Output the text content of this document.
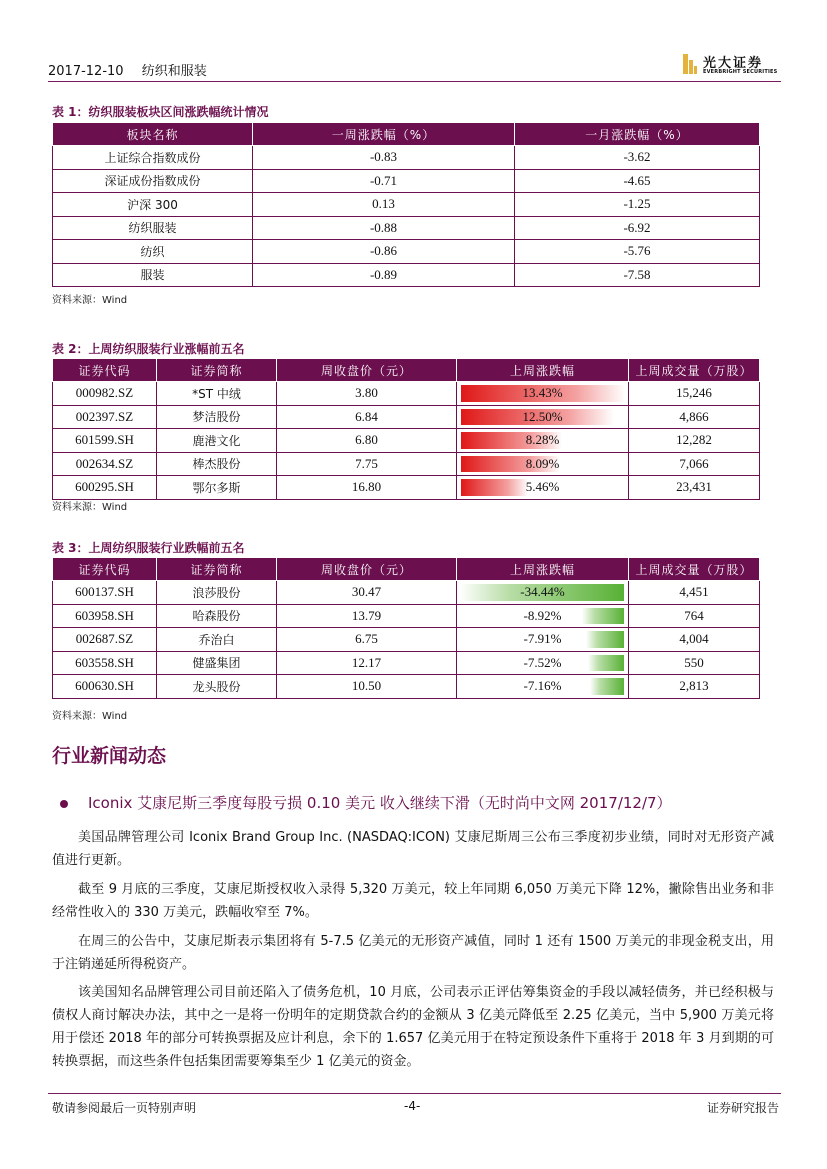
2017-12-10 纺织和服装
光大证券
EVERBRIGHT SECURITIES
表 1：纺织服装板块区间涨跌幅统计情况
板块名称	一周涨跌幅（%）	一月涨跌幅（%）
上证综合指数成份	-0.83	-3.62
深证成份指数成份	-0.71	-4.65
沪深 300	0.13	-1.25
纺织服装	-0.88	-6.92
纺织	-0.86	-5.76
服装	-0.89	-7.58
资料来源：Wind
表 2：上周纺织服装行业涨幅前五名
证券代码	证券简称	周收盘价（元）	上周涨跌幅	上周成交量（万股）
000982.SZ	*ST 中绒	3.80	13.43%	15,246
002397.SZ	梦洁股份	6.84	12.50%	4,866
601599.SH	鹿港文化	6.80	8.28%	12,282
002634.SZ	棒杰股份	7.75	8.09%	7,066
600295.SH	鄂尔多斯	16.80	5.46%	23,431
资料来源：Wind
表 3：上周纺织服装行业跌幅前五名
证券代码	证券简称	周收盘价（元）	上周涨跌幅	上周成交量（万股）
600137.SH	浪莎股份	30.47	-34.44%	4,451
603958.SH	哈森股份	13.79	-8.92%	764
002687.SZ	乔治白	6.75	-7.91%	4,004
603558.SH	健盛集团	12.17	-7.52%	550
600630.SH	龙头股份	10.50	-7.16%	2,813
资料来源：Wind
行业新闻动态
Iconix 艾康尼斯三季度每股亏损 0.10 美元 收入继续下滑（无时尚中文网 2017/12/7）
美国品牌管理公司 Iconix Brand Group Inc. (NASDAQ:ICON) 艾康尼斯周三公布三季度初步业绩，同时对无形资产减值进行更新。
截至 9 月底的三季度，艾康尼斯授权收入录得 5,320 万美元，较上年同期 6,050 万美元下降 12%，撇除售出业务和非经常性收入的 330 万美元，跌幅收窄至 7%。
在周三的公告中，艾康尼斯表示集团将有 5-7.5 亿美元的无形资产减值，同时 1 还有 1500 万美元的非现金税支出，用于注销递延所得税资产。
该美国知名品牌管理公司目前还陷入了债务危机，10 月底，公司表示正评估筹集资金的手段以减轻债务，并已经积极与债权人商讨解决办法，其中之一是将一份明年的定期贷款合约的金额从 3 亿美元降低至 2.25 亿美元，当中 5,900 万美元将用于偿还 2018 年的部分可转换票据及应计利息，余下的 1.657 亿美元用于在特定预设条件下重将于 2018 年 3 月到期的可转换票据，而这些条件包括集团需要筹集至少 1 亿美元的资金。
敬请参阅最后一页特别声明	-4-	证券研究报告
